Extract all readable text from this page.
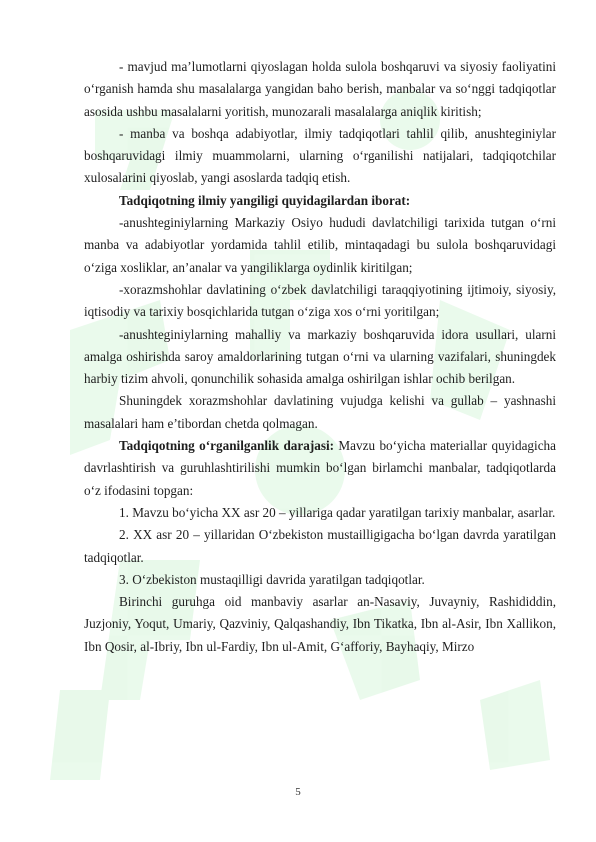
- mavjud ma’lumotlarni qiyoslagan holda sulola boshqaruvi va siyosiy faoliyatini o‘rganish hamda shu masalalarga yangidan baho berish, manbalar va so‘nggi tadqiqotlar asosida ushbu masalalarni yoritish, munozarali masalalarga aniqlik kiritish;

- manba va boshqa adabiyotlar, ilmiy tadqiqotlari tahlil qilib, anushteginiylar boshqaruvidagi ilmiy muammolarni, ularning o‘rganilishi natijalari, tadqiqotchilar xulosalarini qiyoslab, yangi asoslarda tadqiq etish.

Tadqiqotning ilmiy yangiligi quyidagilardan iborat:

-anushteginiylarning Markaziy Osiyo hududi davlatchiligi tarixida tutgan o‘rni manba va adabiyotlar yordamida tahlil etilib, mintaqadagi bu sulola boshqaruvidagi o‘ziga xosliklar, an’analar va yangiliklarga oydinlik kiritilgan;

-xorazmshohlar davlatining o‘zbek davlatchiligi taraqqiyotining ijtimoiy, siyosiy, iqtisodiy va tarixiy bosqichlarida tutgan o‘ziga xos o‘rni yoritilgan;

-anushteginiylarning mahalliy va markaziy boshqaruvida idora usullari, ularni amalga oshirishda saroy amaldorlarining tutgan o‘rni va ularning vazifalari, shuningdek harbiy tizim ahvoli, qonunchilik sohasida amalga oshirilgan ishlar ochib berilgan.

Shuningdek xorazmshohlar davlatining vujudga kelishi va gullab – yashnashi masalalari ham e’tibordan chetda qolmagan.

Tadqiqotning o‘rganilganlik darajasi: Mavzu bo‘yicha materiallar quyidagicha davrlashtirish va guruhlashtirilishi mumkin bo‘lgan birlamchi manbalar, tadqiqotlarda o‘z ifodasini topgan:

1. Mavzu bo‘yicha XX asr 20 – yillariga qadar yaratilgan tarixiy manbalar, asarlar.

2. XX asr 20 – yillaridan O‘zbekiston mustailligigacha bo‘lgan davrda yaratilgan tadqiqotlar.

3. O‘zbekiston mustaqilligi davrida yaratilgan tadqiqotlar.

Birinchi guruhga oid manbaviy asarlar an-Nasaviy, Juvayniy, Rashididdin, Juzjoniy, Yoqut, Umariy, Qazviniy, Qalqashandiy, Ibn Tikatka, Ibn al-Asir, Ibn Xallikon, Ibn Qosir, al-Ibriy, Ibn ul-Fardiy, Ibn ul-Amit, G‘afforiy, Bayhaqiy, Mirzo

5
